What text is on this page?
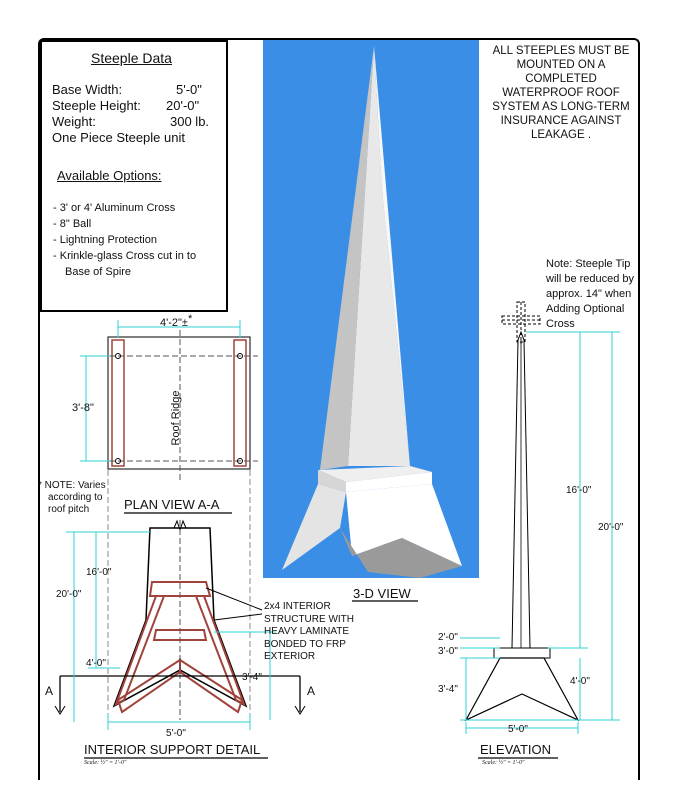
Steeple Data
Base Width:	5'-0"
Steeple Height: 20'-0"
Weight:	300 lb.
One Piece Steeple unit
Available Options:
- 3' or 4' Aluminum Cross
- 8" Ball
- Lightning Protection
- Krinkle-glass Cross cut in to
Base of Spire
ALL STEEPLES MUST BE
MOUNTED ON A
COMPLETED
WATERPROOF ROOF
SYSTEM AS LONG-TERM
INSURANCE AGAINST
LEAKAGE .
Note: Steeple Tip
will be reduced by
approx. 14" when
Adding Optional
Cross
4'-2"±*
3'-8"	Roof Ridge
* NOTE: Varies
according to
roof pitch	PLAN VIEW A-A
3-D VIEW
16'-0"
20'-0"
4'-0"
3'-4"
5'-0"
A	A
2x4 INTERIOR
STRUCTURE WITH
HEAVY LAMINATE
BONDED TO FRP
EXTERIOR
INTERIOR SUPPORT DETAIL
Scale: ½" = 1'-0"
16'-0"
20'-0"
2'-0"
3'-0"
3'-4"
4'-0"
5'-0"
ELEVATION
Scale: ½" = 1'-0"
